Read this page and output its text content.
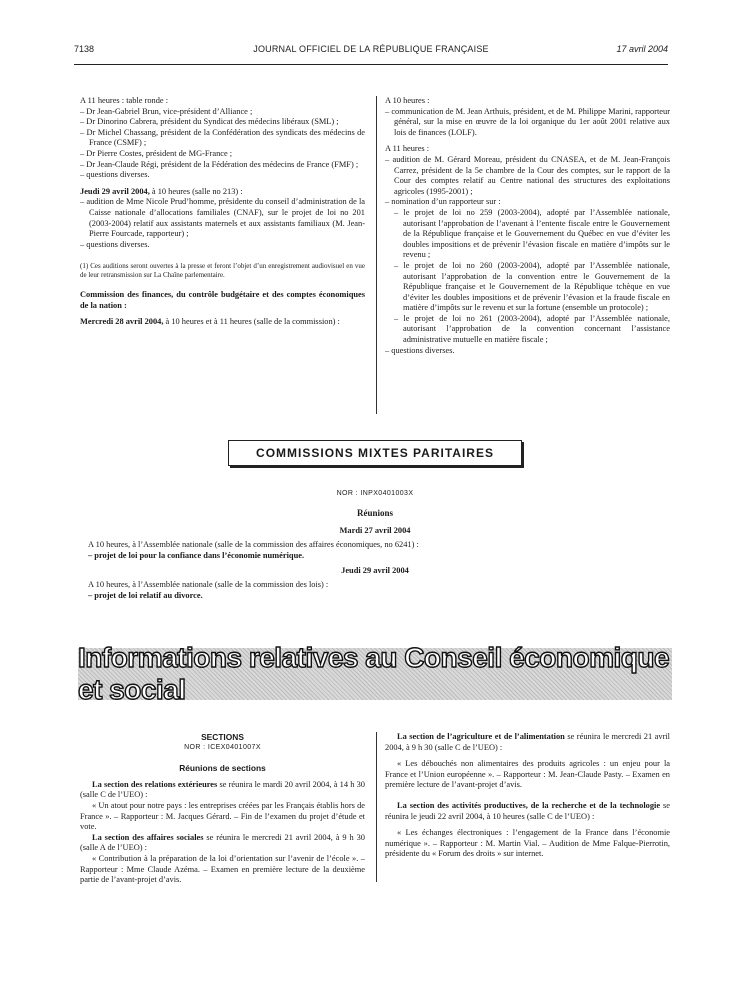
7138	JOURNAL OFFICIEL DE LA RÉPUBLIQUE FRANÇAISE	17 avril 2004

A 11 heures : table ronde :

– Dr Jean-Gabriel Brun, vice-président d’Alliance ;

– Dr Dinorino Cabrera, président du Syndicat des médecins libéraux (SML) ;

– Dr Michel Chassang, président de la Confédération des syndicats des médecins de France (CSMF) ;

– Dr Pierre Costes, président de MG-France ;

– Dr Jean-Claude Régi, président de la Fédération des médecins de France (FMF) ;

– questions diverses.

Jeudi 29 avril 2004, à 10 heures (salle no 213) :

– audition de Mme Nicole Prud’homme, présidente du conseil d’administration de la Caisse nationale d’allocations familiales (CNAF), sur le projet de loi no 201 (2003-2004) relatif aux assistants maternels et aux assistants familiaux (M. Jean-Pierre Fourcade, rapporteur) ;

– questions diverses.

(1) Ces auditions seront ouvertes à la presse et feront l’objet d’un enregistrement audiovisuel en vue de leur retransmission sur La Chaîne parlementaire.

Commission des finances, du contrôle budgétaire et des comptes économiques de la nation :

Mercredi 28 avril 2004, à 10 heures et à 11 heures (salle de la commission) :

A 10 heures :

– communication de M. Jean Arthuis, président, et de M. Philippe Marini, rapporteur général, sur la mise en œuvre de la loi organique du 1er août 2001 relative aux lois de finances (LOLF).

A 11 heures :

– audition de M. Gérard Moreau, président du CNASEA, et de M. Jean-François Carrez, président de la 5e chambre de la Cour des comptes, sur le rapport de la Cour des comptes relatif au Centre national des structures des exploitations agricoles (1995-2001) ;

– nomination d’un rapporteur sur :

– le projet de loi no 259 (2003-2004), adopté par l’Assemblée nationale, autorisant l’approbation de l’avenant à l’entente fiscale entre le Gouvernement de la République française et le Gouvernement du Québec en vue d’éviter les doubles impositions et de prévenir l’évasion fiscale en matière d’impôts sur le revenu ;

– le projet de loi no 260 (2003-2004), adopté par l’Assemblée nationale, autorisant l’approbation de la convention entre le Gouvernement de la République française et le Gouvernement de la République tchèque en vue d’éviter les doubles impositions et de prévenir l’évasion et la fraude fiscale en matière d’impôts sur le revenu et sur la fortune (ensemble un protocole) ;

– le projet de loi no 261 (2003-2004), adopté par l’Assemblée nationale, autorisant l’approbation de la convention concernant l’assistance administrative mutuelle en matière fiscale ;

– questions diverses.

COMMISSIONS MIXTES PARITAIRES
NOR : INPX0401003X
Réunions
Mardi 27 avril 2004

A 10 heures, à l’Assemblée nationale (salle de la commission des affaires économiques, no 6241) :

– projet de loi pour la confiance dans l’économie numérique.

Jeudi 29 avril 2004

A 10 heures, à l’Assemblée nationale (salle de la commission des lois) :

– projet de loi relatif au divorce.

Informations relatives au Conseil économique et social

SECTIONS

NOR : ICEX0401007X

Réunions de sections

La section des relations extérieures se réunira le mardi 20 avril 2004, à 14 h 30 (salle C de l’UEO) :

« Un atout pour notre pays : les entreprises créées par les Français établis hors de France ». – Rapporteur : M. Jacques Gérard. – Fin de l’examen du projet d’étude et vote.

La section des affaires sociales se réunira le mercredi 21 avril 2004, à 9 h 30 (salle A de l’UEO) :

« Contribution à la préparation de la loi d’orientation sur l’avenir de l’école ». – Rapporteur : Mme Claude Azéma. – Examen en première lecture de la deuxième partie de l’avant-projet d’avis.

La section de l’agriculture et de l’alimentation se réunira le mercredi 21 avril 2004, à 9 h 30 (salle C de l’UEO) :

« Les débouchés non alimentaires des produits agricoles : un enjeu pour la France et l’Union européenne ». – Rapporteur : M. Jean-Claude Pasty. – Examen en première lecture de l’avant-projet d’avis.

La section des activités productives, de la recherche et de la technologie se réunira le jeudi 22 avril 2004, à 10 heures (salle C de l’UEO) :

« Les échanges électroniques : l’engagement de la France dans l’économie numérique ». – Rapporteur : M. Martin Vial. – Audition de Mme Falque-Pierrotin, présidente du « Forum des droits » sur internet.
